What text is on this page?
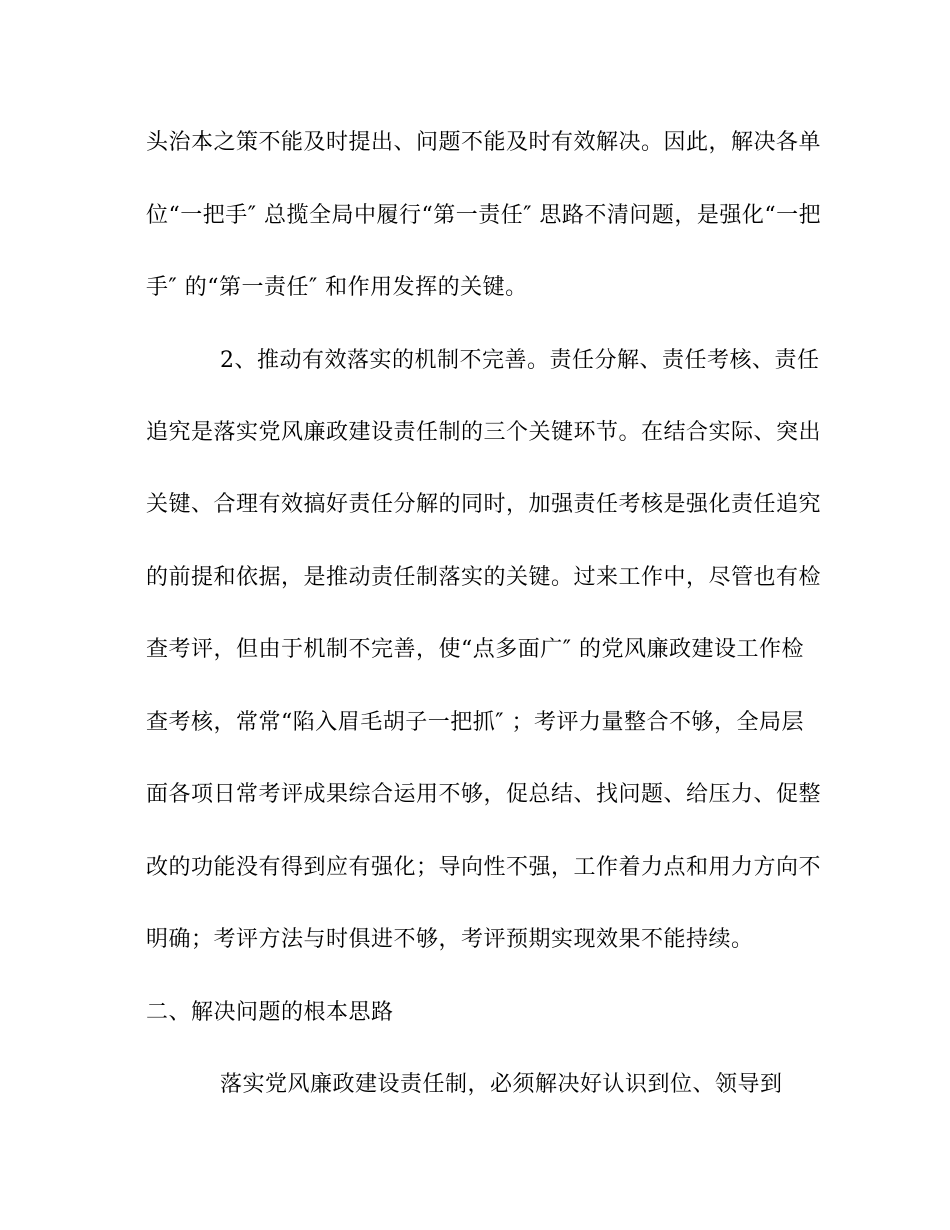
头治本之策不能及时提出、问题不能及时有效解决。因此，解决各单
位“一把手″ 总揽全局中履行“第一责任″ 思路不清问题，是强化“一把
手″ 的“第一责任″ 和作用发挥的关键。
2、推动有效落实的机制不完善。责任分解、责任考核、责任
追究是落实党风廉政建设责任制的三个关键环节。在结合实际、突出
关键、合理有效搞好责任分解的同时，加强责任考核是强化责任追究
的前提和依据，是推动责任制落实的关键。过来工作中，尽管也有检
查考评，但由于机制不完善，使“点多面广″ 的党风廉政建设工作检
查考核，常常“陷入眉毛胡子一把抓″ ；考评力量整合不够，全局层
面各项日常考评成果综合运用不够，促总结、找问题、给压力、促整
改的功能没有得到应有强化；导向性不强，工作着力点和用力方向不
明确；考评方法与时俱进不够，考评预期实现效果不能持续。
二、解决问题的根本思路
落实党风廉政建设责任制，必须解决好认识到位、领导到
